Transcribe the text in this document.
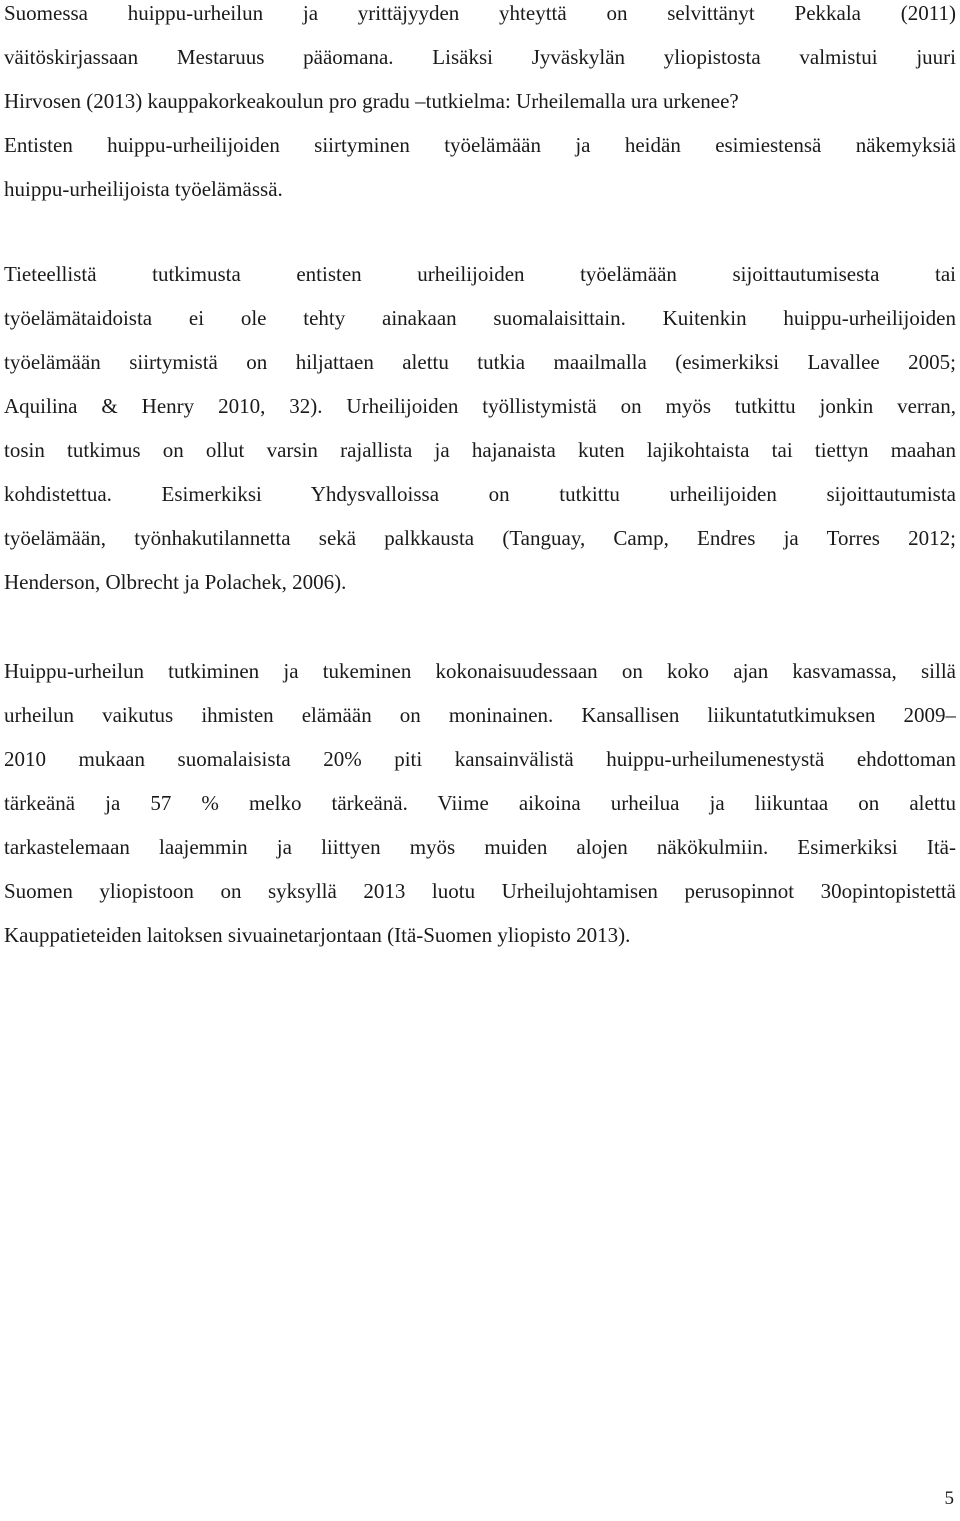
Suomessa huippu-urheilun ja yrittäjyyden yhteyttä on selvittänyt Pekkala (2011)
väitöskirjassaan Mestaruus pääomana. Lisäksi Jyväskylän yliopistosta valmistui juuri
Hirvosen (2013) kauppakorkeakoulun pro gradu –tutkielma: Urheilemalla ura urkenee?
Entisten huippu-urheilijoiden siirtyminen työelämään ja heidän esimiestensä näkemyksiä
huippu-urheilijoista työelämässä.
Tieteellistä tutkimusta entisten urheilijoiden työelämään sijoittautumisesta tai
työelämätaidoista ei ole tehty ainakaan suomalaisittain. Kuitenkin huippu-urheilijoiden
työelämään siirtymistä on hiljattaen alettu tutkia maailmalla (esimerkiksi Lavallee 2005;
Aquilina & Henry 2010, 32). Urheilijoiden työllistymistä on myös tutkittu jonkin verran,
tosin tutkimus on ollut varsin rajallista ja hajanaista kuten lajikohtaista tai tiettyn maahan
kohdistettua. Esimerkiksi Yhdysvalloissa on tutkittu urheilijoiden sijoittautumista
työelämään, työnhakutilannetta sekä palkkausta (Tanguay, Camp, Endres ja Torres 2012;
Henderson, Olbrecht ja Polachek, 2006).
Huippu-urheilun tutkiminen ja tukeminen kokonaisuudessaan on koko ajan kasvamassa, sillä
urheilun vaikutus ihmisten elämään on moninainen. Kansallisen liikuntatutkimuksen 2009–
2010 mukaan suomalaisista 20% piti kansainvälistä huippu-urheilumenestystä ehdottoman
tärkeänä ja 57 % melko tärkeänä. Viime aikoina urheilua ja liikuntaa on alettu
tarkastelemaan laajemmin ja liittyen myös muiden alojen näkökulmiin. Esimerkiksi Itä-
Suomen yliopistoon on syksyllä 2013 luotu Urheilujohtamisen perusopinnot 30opintopistettä
Kauppatieteiden laitoksen sivuainetarjontaan (Itä-Suomen yliopisto 2013).
5
